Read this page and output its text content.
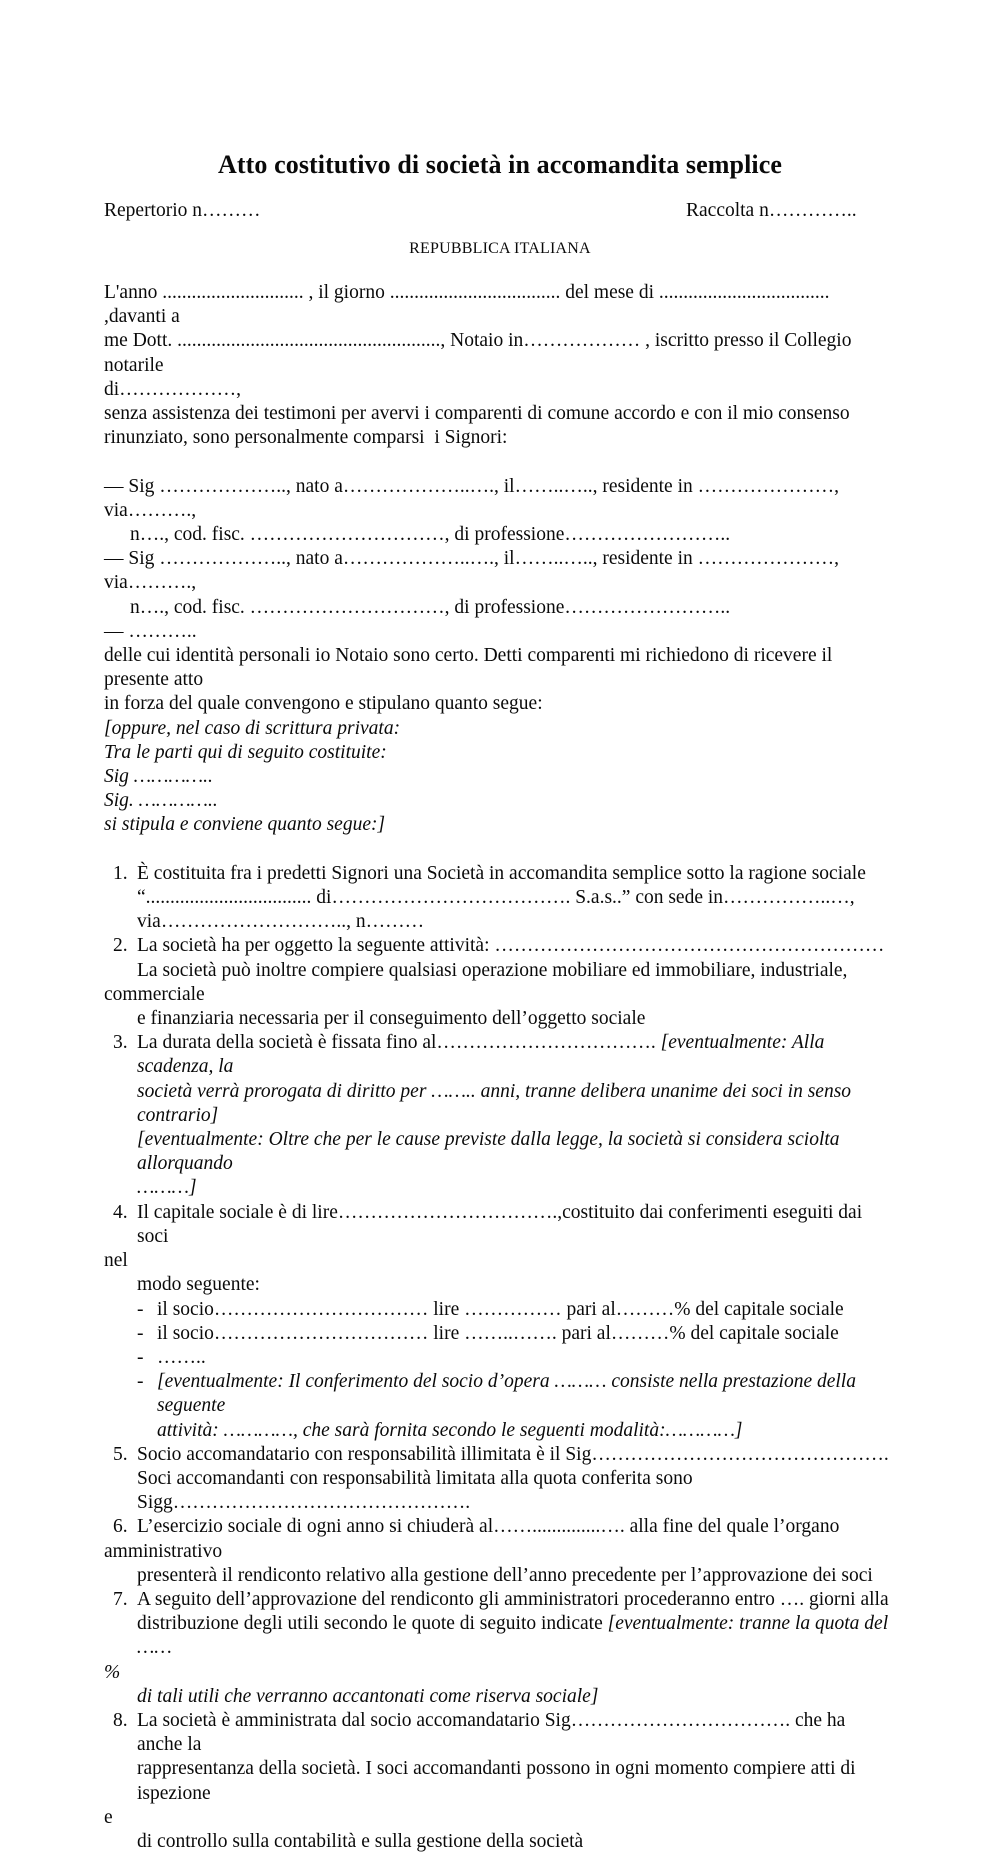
Atto costitutivo di società in accomandita semplice
Repertorio n………	Raccolta n…………..
REPUBBLICA ITALIANA
L'anno ............................. , il giorno ................................... del mese di ................................... ,davanti a
me Dott. ......................................................, Notaio in……………… , iscritto presso il Collegio notarile
di………………,
senza assistenza dei testimoni per avervi i comparenti di comune accordo e con il mio consenso
rinunziato, sono personalmente comparsi  i Signori:
— Sig ……………….., nato a………………..…., il……..….., residente in …………………,
via……….,
n…., cod. fisc. …………………………, di professione……………………..
— Sig ……………….., nato a………………..…., il……..….., residente in …………………,
via……….,
n…., cod. fisc. …………………………, di professione……………………..
— ………..
delle cui identità personali io Notaio sono certo. Detti comparenti mi richiedono di ricevere il presente atto
in forza del quale convengono e stipulano quanto segue:
[oppure, nel caso di scrittura privata:
Tra le parti qui di seguito costituite:
Sig …………..
Sig. …………..
si stipula e conviene quanto segue:]
1. È costituita fra i predetti Signori una Società in accomandita semplice sotto la ragione sociale
“.................................. di………………………………. S.a.s..” con sede in……………..…,
via……………………….., n………
2. La società ha per oggetto la seguente attività: ……………………………………………………
La società può inoltre compiere qualsiasi operazione mobiliare ed immobiliare, industriale,
commerciale
e finanziaria necessaria per il conseguimento dell’oggetto sociale
3. La durata della società è fissata fino al……………………………. [eventualmente: Alla scadenza, la
società verrà prorogata di diritto per …….. anni, tranne delibera unanime dei soci in senso contrario]
[eventualmente: Oltre che per le cause previste dalla legge, la società si considera sciolta allorquando
………]
4. Il capitale sociale è di lire…………………………….,costituito dai conferimenti eseguiti dai soci
nel
modo seguente:
- il socio…………………………… lire …………… pari al………% del capitale sociale
- il socio…………………………… lire ……..……. pari al………% del capitale sociale
- ……..
- [eventualmente: Il conferimento del socio d’opera ……… consiste nella prestazione della seguente
attività: …………, che sarà fornita secondo le seguenti modalità:…………]
5. Socio accomandatario con responsabilità illimitata è il Sig……………………………………….
Soci accomandanti con responsabilità limitata alla quota conferita sono
Sigg……………………………………….
6. L’esercizio sociale di ogni anno si chiuderà al……..............…. alla fine del quale l’organo
amministrativo
presenterà il rendiconto relativo alla gestione dell’anno precedente per l’approvazione dei soci
7. A seguito dell’approvazione del rendiconto gli amministratori procederanno entro …. giorni alla
distribuzione degli utili secondo le quote di seguito indicate [eventualmente: tranne la quota del  ……
%
di tali utili che verranno accantonati come riserva sociale]
8. La società è amministrata dal socio accomandatario Sig……………………………. che ha anche la
rappresentanza della società. I soci accomandanti possono in ogni momento compiere atti di ispezione
e
di controllo sulla contabilità e sulla gestione della società
